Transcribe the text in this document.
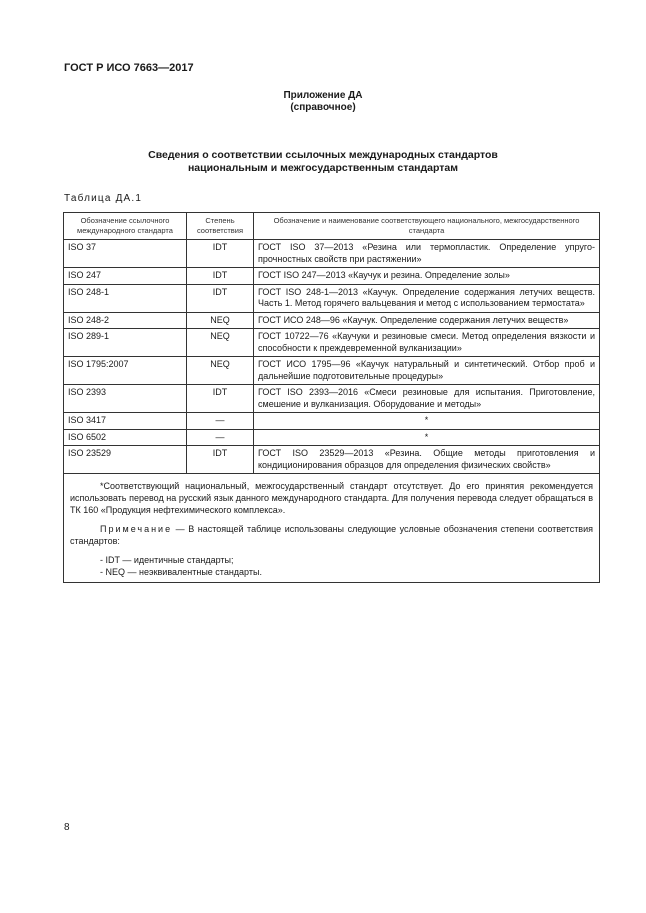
ГОСТ Р ИСО 7663—2017
Приложение ДА
(справочное)
Сведения о соответствии ссылочных международных стандартов
национальным и межгосударственным стандартам
Таблица ДА.1
Обозначение ссылочного международного стандарта	Степень соответствия	Обозначение и наименование соответствующего национального, межгосударственного стандарта
ISO 37	IDT	ГОСТ ISO 37—2013 «Резина или термопластик. Определение упруго-прочностных свойств при растяжении»
ISO 247	IDT	ГОСТ ISO 247—2013 «Каучук и резина. Определение золы»
ISO 248-1	IDT	ГОСТ ISO 248-1—2013 «Каучук. Определение содержания летучих веществ. Часть 1. Метод горячего вальцевания и метод с использованием термостата»
ISO 248-2	NEQ	ГОСТ ИСО 248—96 «Каучук. Определение содержания летучих веществ»
ISO 289-1	NEQ	ГОСТ 10722—76 «Каучуки и резиновые смеси. Метод определения вязкости и способности к преждевременной вулканизации»
ISO 1795:2007	NEQ	ГОСТ ИСО 1795—96 «Каучук натуральный и синтетический. Отбор проб и дальнейшие подготовительные процедуры»
ISO 2393	IDT	ГОСТ ISO 2393—2016 «Смеси резиновые для испытания. Приготовление, смешение и вулканизация. Оборудование и методы»
ISO 3417	—	*
ISO 6502	—	*
ISO 23529	IDT	ГОСТ ISO 23529—2013 «Резина. Общие методы приготовления и кондиционирования образцов для определения физических свойств»

*Соответствующий национальный, межгосударственный стандарт отсутствует. До его принятия рекомендуется использовать перевод на русский язык данного международного стандарта. Для получения перевода следует обращаться в ТК 160 «Продукция нефтехимического комплекса».

Примечание — В настоящей таблице использованы следующие условные обозначения степени соответствия стандартов:

- IDT — идентичные стандарты;

- NEQ — неэквивалентные стандарты.		

8
